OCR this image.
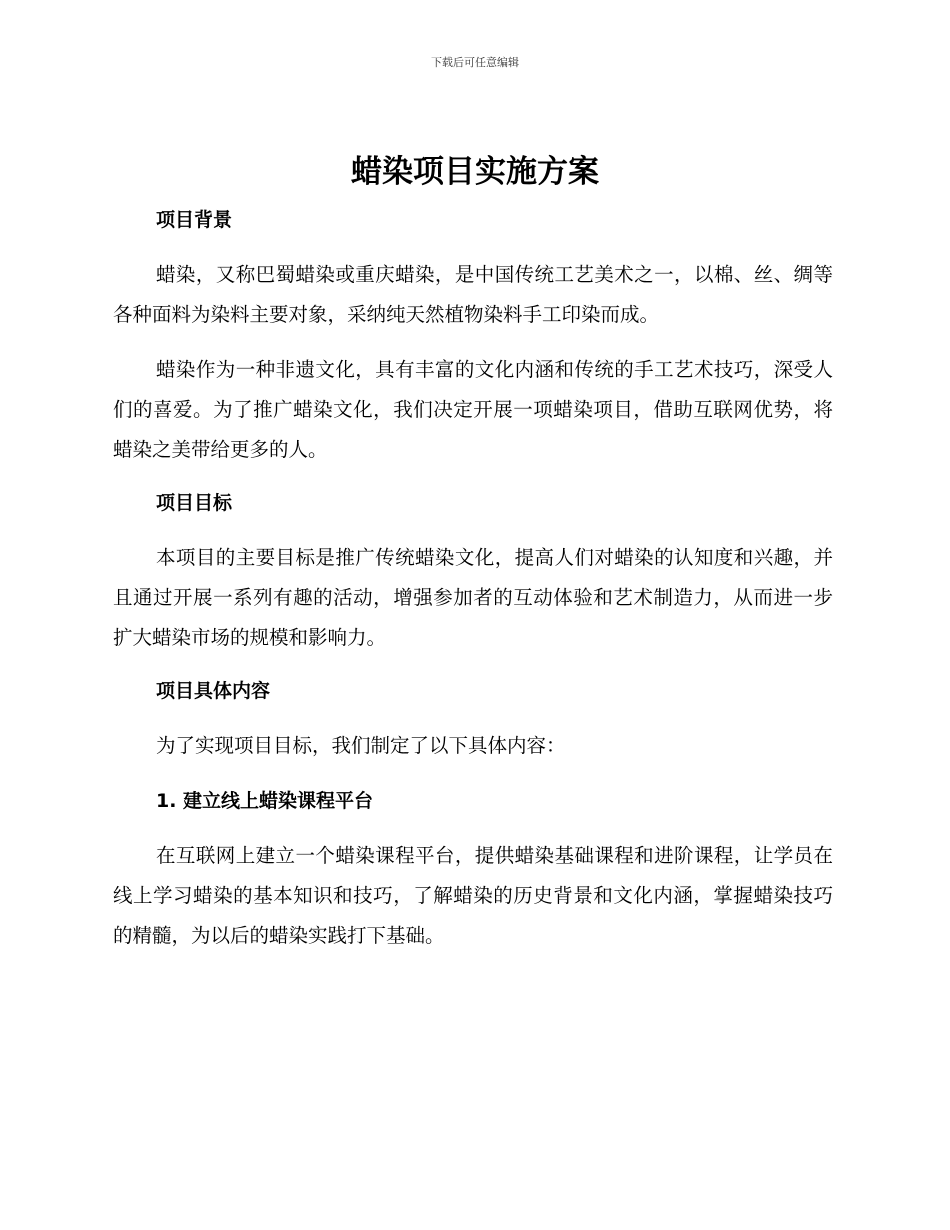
下载后可任意编辑
蜡染项目实施方案

项目背景

蜡染，又称巴蜀蜡染或重庆蜡染，是中国传统工艺美术之一，以棉、丝、绸等各种面料为染料主要对象，采纳纯天然植物染料手工印染而成。

蜡染作为一种非遗文化，具有丰富的文化内涵和传统的手工艺术技巧，深受人们的喜爱。为了推广蜡染文化，我们决定开展一项蜡染项目，借助互联网优势，将蜡染之美带给更多的人。

项目目标

本项目的主要目标是推广传统蜡染文化，提高人们对蜡染的认知度和兴趣，并且通过开展一系列有趣的活动，增强参加者的互动体验和艺术制造力，从而进一步扩大蜡染市场的规模和影响力。

项目具体内容

为了实现项目目标，我们制定了以下具体内容：

1. 建立线上蜡染课程平台

在互联网上建立一个蜡染课程平台，提供蜡染基础课程和进阶课程，让学员在线上学习蜡染的基本知识和技巧，了解蜡染的历史背景和文化内涵，掌握蜡染技巧的精髓，为以后的蜡染实践打下基础。
